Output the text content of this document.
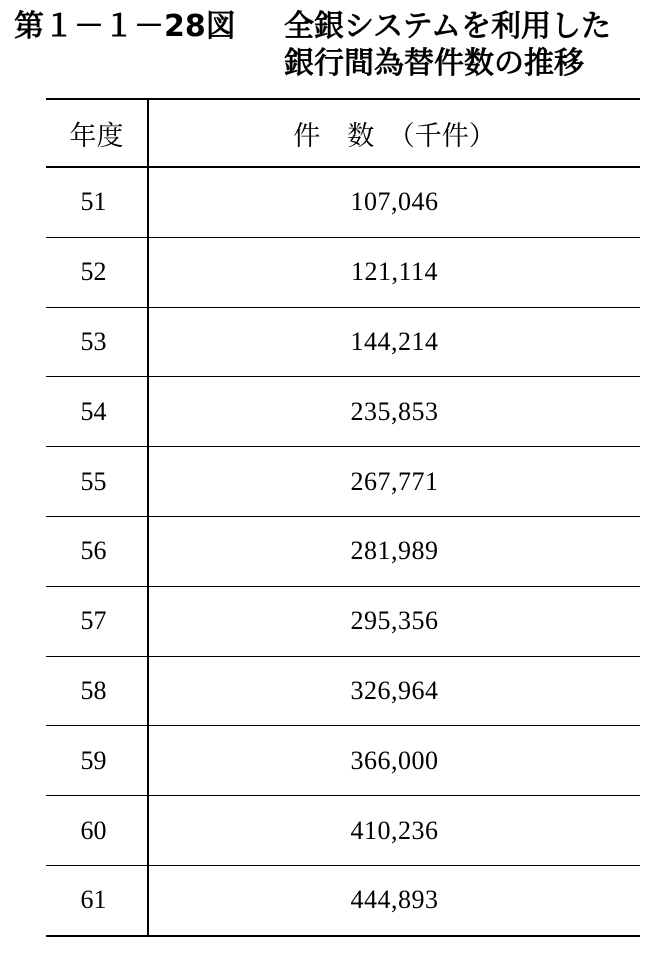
第１－１－28図	全銀システムを利用した
銀行間為替件数の推移
年度	件　数　（千件）
51	107,046
52	121,114
53	144,214
54	235,853
55	267,771
56	281,989
57	295,356
58	326,964
59	366,000
60	410,236
61	444,893
